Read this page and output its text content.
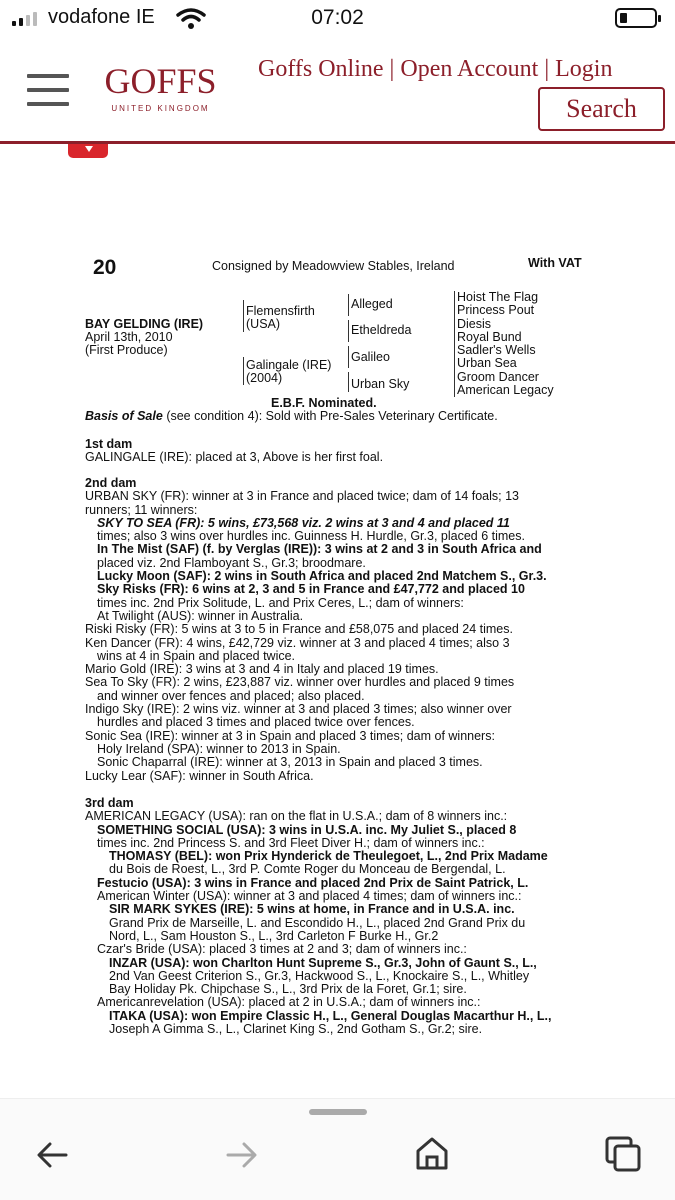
vodafone IE	07:02
GOFFS
UNITED KINGDOM
Goffs Online | Open Account | Login
Search
20	Consigned by Meadowview Stables, Ireland	With VAT
BAY GELDING (IRE)
April 13th, 2010
(First Produce)
Flemensfirth
(USA)
Galingale (IRE)
(2004)
Alleged
Etheldreda
Galileo
Urban Sky
Hoist The Flag
Princess Pout
Diesis
Royal Bund
Sadler's Wells
Urban Sea
Groom Dancer
American Legacy
E.B.F. Nominated.
Basis of Sale (see condition 4): Sold with Pre-Sales Veterinary Certificate.
1st dam
GALINGALE (IRE): placed at 3, Above is her first foal.
2nd dam
URBAN SKY (FR): winner at 3 in France and placed twice; dam of 14 foals; 13
runners; 11 winners:
SKY TO SEA (FR): 5 wins, £73,568 viz. 2 wins at 3 and 4 and placed 11
times; also 3 wins over hurdles inc. Guinness H. Hurdle, Gr.3, placed 6 times.
In The Mist (SAF) (f. by Verglas (IRE)): 3 wins at 2 and 3 in South Africa and
placed viz. 2nd Flamboyant S., Gr.3; broodmare.
Lucky Moon (SAF): 2 wins in South Africa and placed 2nd Matchem S., Gr.3.
Sky Risks (FR): 6 wins at 2, 3 and 5 in France and £47,772 and placed 10
times inc. 2nd Prix Solitude, L. and Prix Ceres, L.; dam of winners:
At Twilight (AUS): winner in Australia.
Riski Risky (FR): 5 wins at 3 to 5 in France and £58,075 and placed 24 times.
Ken Dancer (FR): 4 wins, £42,729 viz. winner at 3 and placed 4 times; also 3
wins at 4 in Spain and placed twice.
Mario Gold (IRE): 3 wins at 3 and 4 in Italy and placed 19 times.
Sea To Sky (FR): 2 wins, £23,887 viz. winner over hurdles and placed 9 times
and winner over fences and placed; also placed.
Indigo Sky (IRE): 2 wins viz. winner at 3 and placed 3 times; also winner over
hurdles and placed 3 times and placed twice over fences.
Sonic Sea (IRE): winner at 3 in Spain and placed 3 times; dam of winners:
Holy Ireland (SPA): winner to 2013 in Spain.
Sonic Chaparral (IRE): winner at 3, 2013 in Spain and placed 3 times.
Lucky Lear (SAF): winner in South Africa.
3rd dam
AMERICAN LEGACY (USA): ran on the flat in U.S.A.; dam of 8 winners inc.:
SOMETHING SOCIAL (USA): 3 wins in U.S.A. inc. My Juliet S., placed 8
times inc. 2nd Princess S. and 3rd Fleet Diver H.; dam of winners inc.:
THOMASY (BEL): won Prix Hynderick de Theulegoet, L., 2nd Prix Madame
du Bois de Roest, L., 3rd P. Comte Roger du Monceau de Bergendal, L.
Festucio (USA): 3 wins in France and placed 2nd Prix de Saint Patrick, L.
American Winter (USA): winner at 3 and placed 4 times; dam of winners inc.:
SIR MARK SYKES (IRE): 5 wins at home, in France and in U.S.A. inc.
Grand Prix de Marseille, L. and Escondido H., L., placed 2nd Grand Prix du
Nord, L., Sam Houston S., L., 3rd Carleton F Burke H., Gr.2
Czar's Bride (USA): placed 3 times at 2 and 3; dam of winners inc.:
INZAR (USA): won Charlton Hunt Supreme S., Gr.3, John of Gaunt S., L.,
2nd Van Geest Criterion S., Gr.3, Hackwood S., L., Knockaire S., L., Whitley
Bay Holiday Pk. Chipchase S., L., 3rd Prix de la Foret, Gr.1; sire.
Americanrevelation (USA): placed at 2 in U.S.A.; dam of winners inc.:
ITAKA (USA): won Empire Classic H., L., General Douglas Macarthur H., L.,
Joseph A Gimma S., L., Clarinet King S., 2nd Gotham S., Gr.2; sire.
